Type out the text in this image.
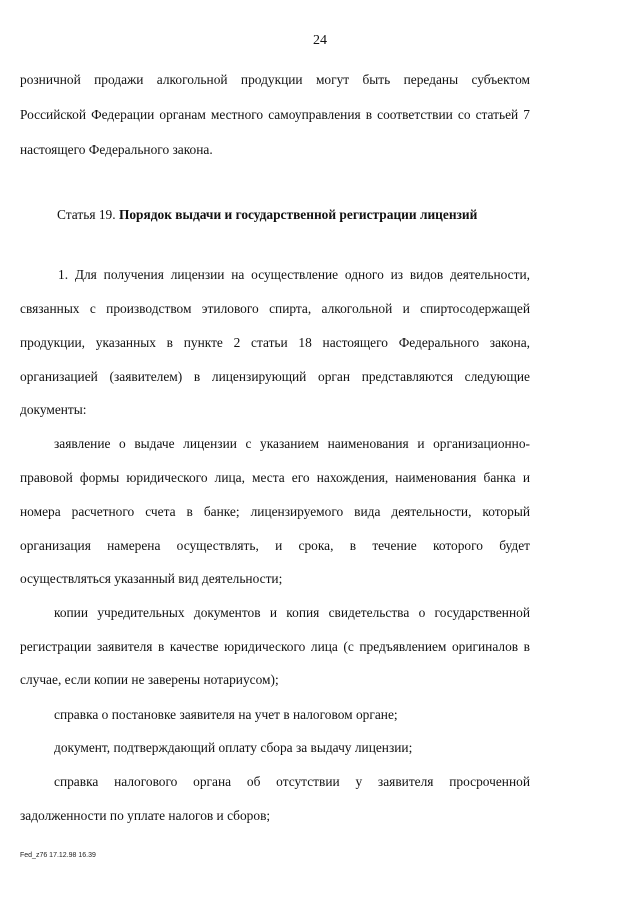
24
розничной продажи алкогольной продукции могут быть переданы субъектом
Российской Федерации органам местного самоуправления в соответствии со статьей 7
настоящего Федерального закона.
Статья 19. Порядок выдачи и государственной регистрации лицензий
1. Для получения лицензии на осуществление одного из видов деятельности,
связанных с производством этилового спирта, алкогольной и спиртосодержащей
продукции, указанных в пункте 2 статьи 18 настоящего Федерального закона,
организацией (заявителем) в лицензирующий орган представляются следующие
документы:
заявление о выдаче лицензии с указанием наименования и организационно-
правовой формы юридического лица, места его нахождения, наименования банка и
номера расчетного счета в банке; лицензируемого вида деятельности, который
организация намерена осуществлять, и срока, в течение которого будет
осуществляться указанный вид деятельности;
копии учредительных документов и копия свидетельства о государственной
регистрации заявителя в качестве юридического лица (с предъявлением оригиналов в
случае, если копии не заверены нотариусом);
справка о постановке заявителя на учет в налоговом органе;
документ, подтверждающий оплату сбора за выдачу лицензии;
справка налогового органа об отсутствии у заявителя просроченной
задолженности по уплате налогов и сборов;
Fed_z76 17.12.98 16.39
